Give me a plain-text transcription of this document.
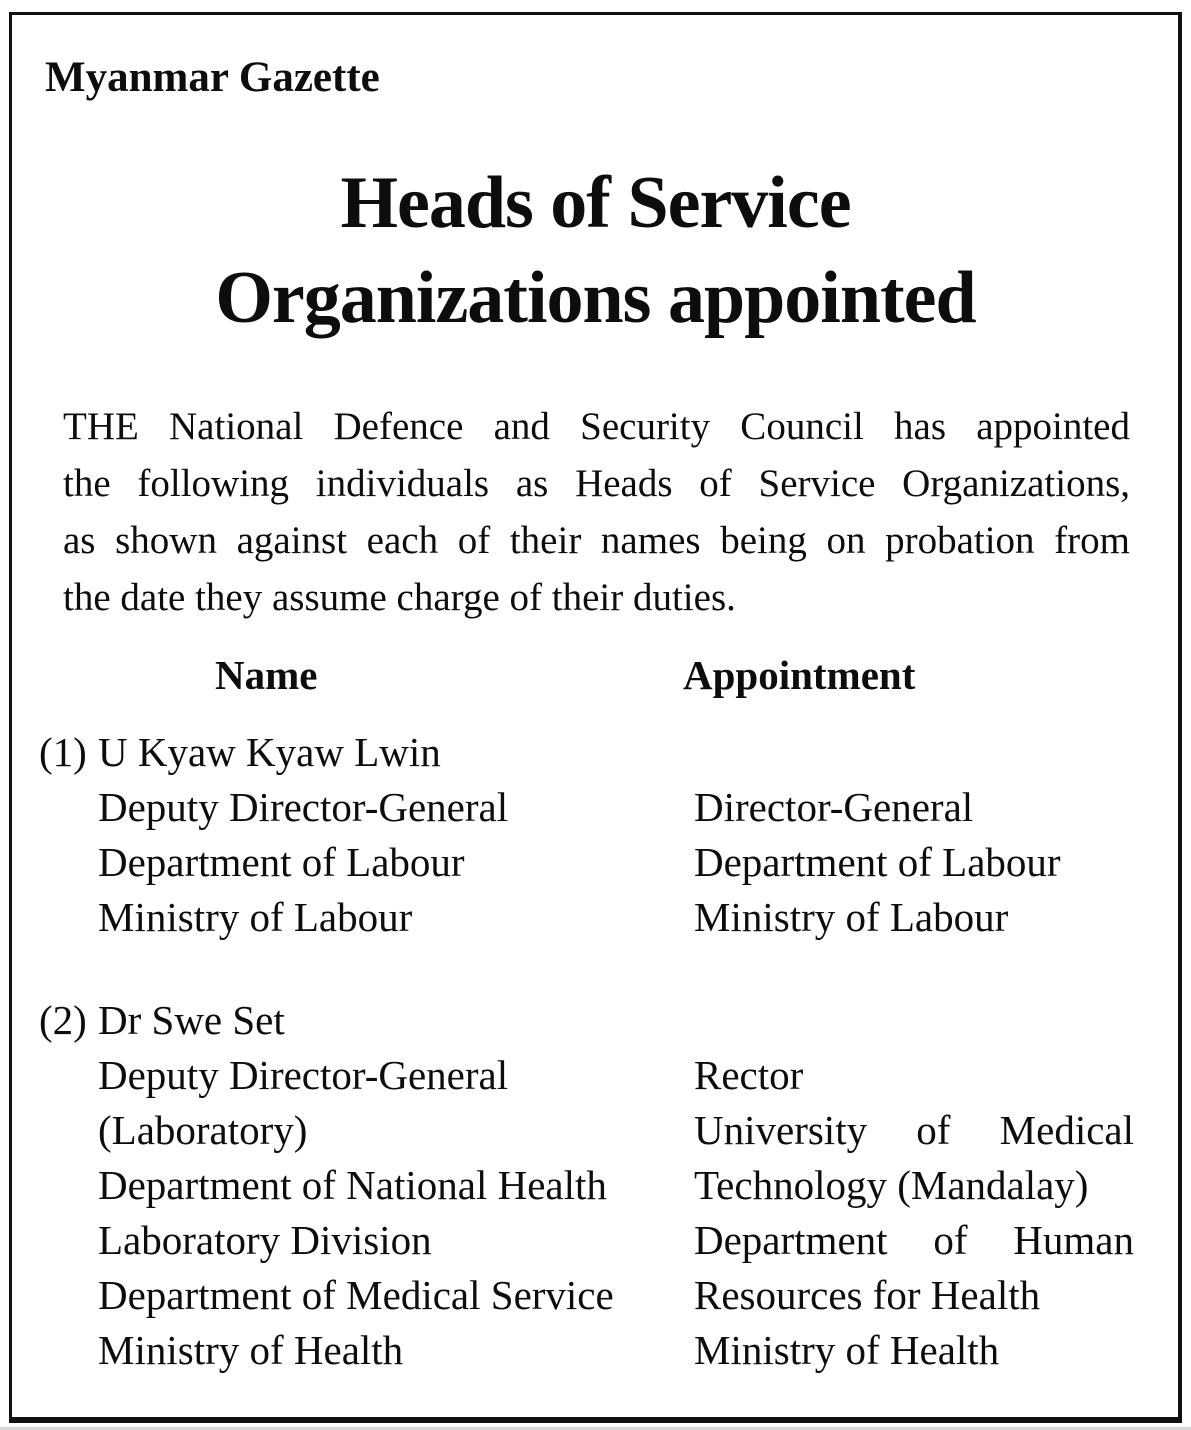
Myanmar Gazette
Heads of Service
Organizations appointed
THE National Defence and Security Council has appointed
the following individuals as Heads of Service Organizations,
as shown against each of their names being on probation from
the date they assume charge of their duties.
Name	Appointment
(1) U Kyaw Kyaw Lwin
Deputy Director-General	Director-General
Department of Labour	Department of Labour
Ministry of Labour	Ministry of Labour
(2) Dr Swe Set
Deputy Director-General	Rector
(Laboratory)	University of Medical
Department of National Health	Technology (Mandalay)
Laboratory Division	Department of Human
Department of Medical Service	Resources for Health
Ministry of Health	Ministry of Health
